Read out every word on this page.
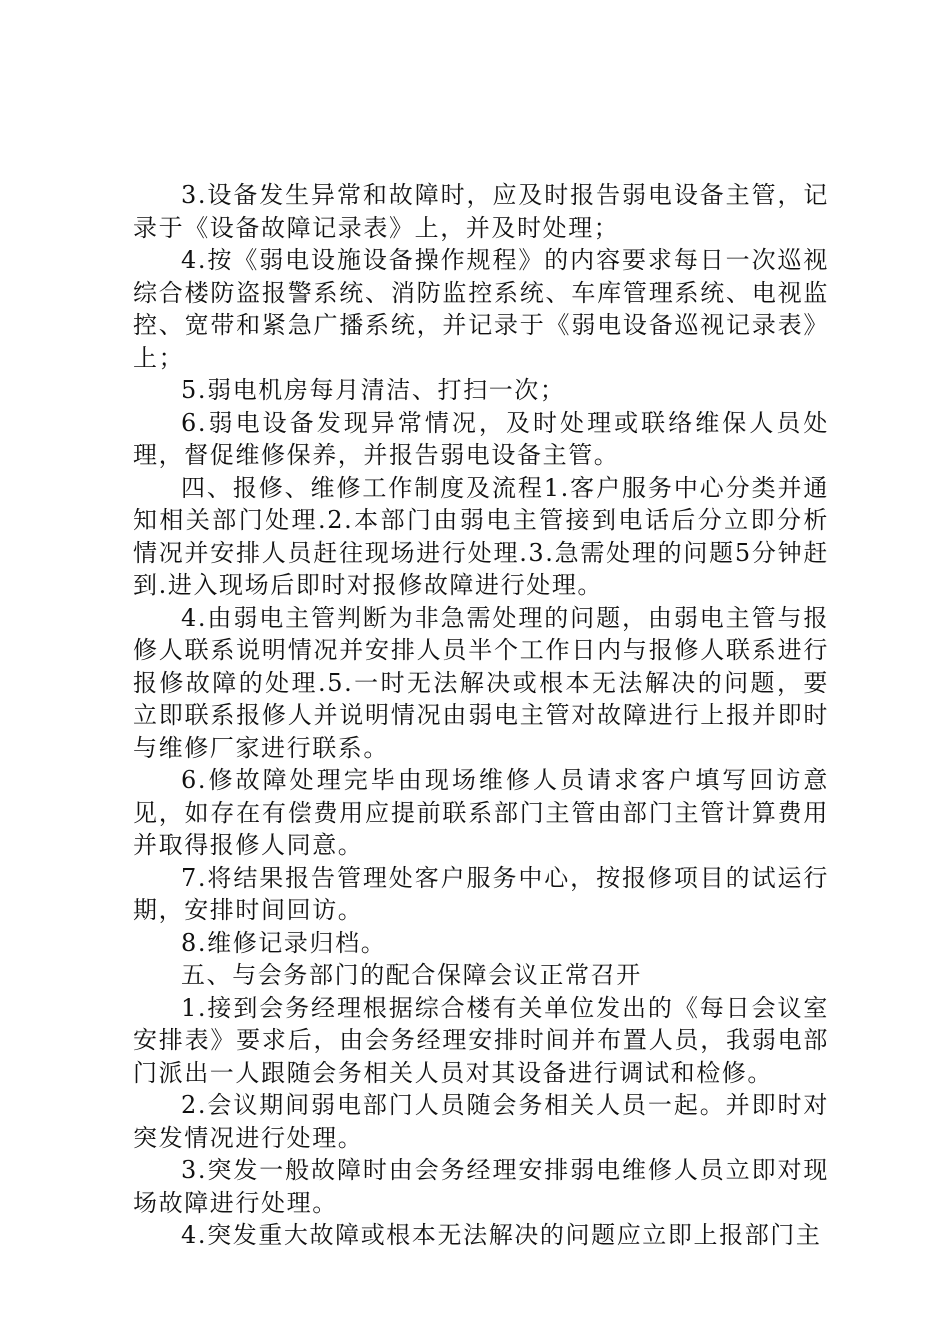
3.设备发生异常和故障时，应及时报告弱电设备主管，记录于《设备故障记录表》上，并及时处理；

4.按《弱电设施设备操作规程》的内容要求每日一次巡视综合楼防盗报警系统、消防监控系统、车库管理系统、电视监控、宽带和紧急广播系统，并记录于《弱电设备巡视记录表》上；

5.弱电机房每月清洁、打扫一次；

6.弱电设备发现异常情况，及时处理或联络维保人员处理，督促维修保养，并报告弱电设备主管。

四、报修、维修工作制度及流程1.客户服务中心分类并通知相关部门处理.2.本部门由弱电主管接到电话后分立即分析情况并安排人员赶往现场进行处理.3.急需处理的问题5分钟赶到.进入现场后即时对报修故障进行处理。

4.由弱电主管判断为非急需处理的问题，由弱电主管与报修人联系说明情况并安排人员半个工作日内与报修人联系进行报修故障的处理.5.一时无法解决或根本无法解决的问题，要立即联系报修人并说明情况由弱电主管对故障进行上报并即时与维修厂家进行联系。

6.修故障处理完毕由现场维修人员请求客户填写回访意见，如存在有偿费用应提前联系部门主管由部门主管计算费用并取得报修人同意。

7.将结果报告管理处客户服务中心，按报修项目的试运行期，安排时间回访。

8.维修记录归档。

五、与会务部门的配合保障会议正常召开

1.接到会务经理根据综合楼有关单位发出的《每日会议室安排表》要求后，由会务经理安排时间并布置人员，我弱电部门派出一人跟随会务相关人员对其设备进行调试和检修。

2.会议期间弱电部门人员随会务相关人员一起。并即时对突发情况进行处理。

3.突发一般故障时由会务经理安排弱电维修人员立即对现场故障进行处理。

4.突发重大故障或根本无法解决的问题应立即上报部门主
